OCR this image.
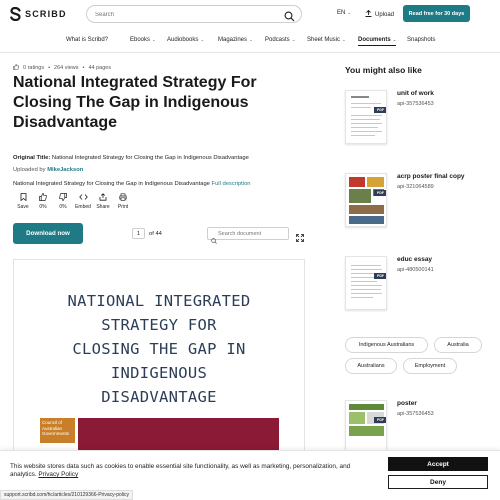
SCRIBD
Search	EN ⌄	Upload	Read free for 30 days
What is Scribd?	Ebooks ⌄ Audiobooks ⌄ Magazines ⌄ Podcasts ⌄ Sheet Music ⌄ Documents ⌄ Snapshots
0 ratings • 264 views • 44 pages
National Integrated Strategy For Closing The Gap in Indigenous Disadvantage
Original Title: National Integrated Strategy for Closing the Gap in Indigenous Disadvantage
Uploaded by MikeJackson
National Integrated Strategy for Closing the Gap in Indigenous Disadvantage Full description
Save 0%	0% Embed Share Print
Download now	1	of 44
Search document
NATIONAL INTEGRATED
STRATEGY FOR
CLOSING THE GAP IN
INDIGENOUS
DISADVANTAGE
Council of Australian Governments
You might also like
PDF
unit of work
api-357536453
PDF
acrp poster final copy
api-321064589
PDF
educ essay
api-480500141
Indigenous Australians	Australia
Australians	Employment
PDF
poster
api-357536453
This website stores data such as cookies to enable essential site functionality, as well as marketing, personalization, and analytics. Privacy Policy
Accept
Deny
support.scribd.com/hc/articles/210129366-Privacy-policy
